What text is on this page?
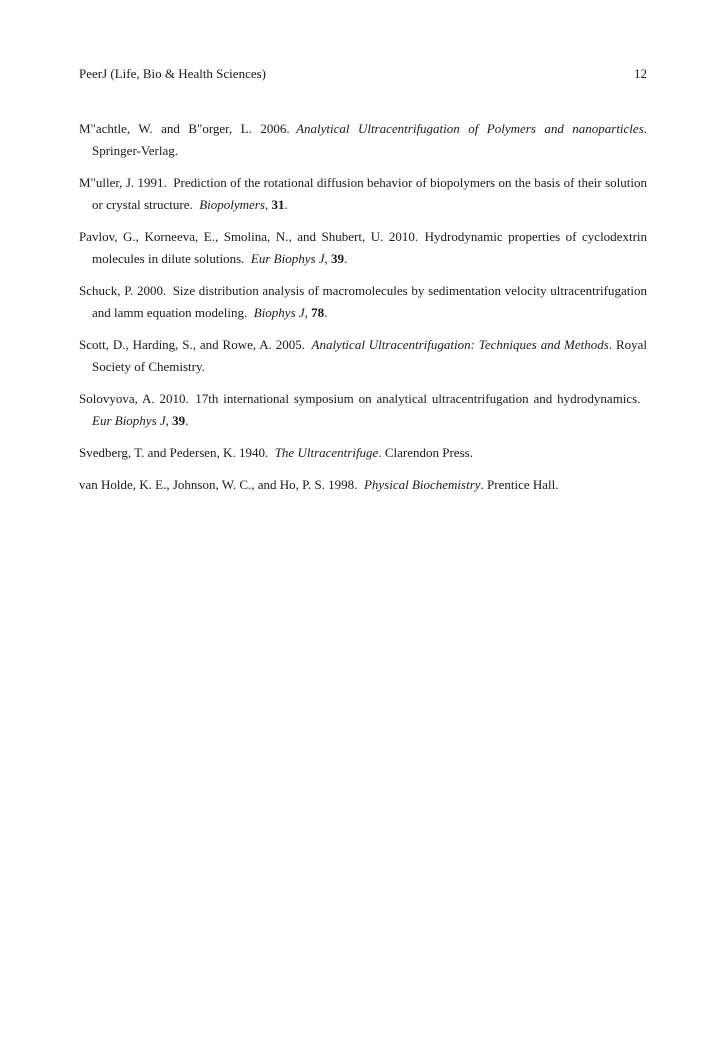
PeerJ (Life, Bio & Health Sciences)	12
M"achtle, W. and B"orger, L. 2006.  Analytical Ultracentrifugation of Polymers and nanoparticles. Springer-Verlag.
M"uller, J. 1991.  Prediction of the rotational diffusion behavior of biopolymers on the basis of their solution or crystal structure.  Biopolymers, 31.
Pavlov, G., Korneeva, E., Smolina, N., and Shubert, U. 2010.  Hydrodynamic properties of cyclodextrin molecules in dilute solutions.  Eur Biophys J, 39.
Schuck, P. 2000.  Size distribution analysis of macromolecules by sedimentation velocity ultracentrifugation and lamm equation modeling.  Biophys J, 78.
Scott, D., Harding, S., and Rowe, A. 2005.  Analytical Ultracentrifugation: Techniques and Methods. Royal Society of Chemistry.
Solovyova, A. 2010.  17th international symposium on analytical ultracentrifugation and hydrodynamics. Eur Biophys J, 39.
Svedberg, T. and Pedersen, K. 1940.  The Ultracentrifuge. Clarendon Press.
van Holde, K. E., Johnson, W. C., and Ho, P. S. 1998.  Physical Biochemistry. Prentice Hall.
